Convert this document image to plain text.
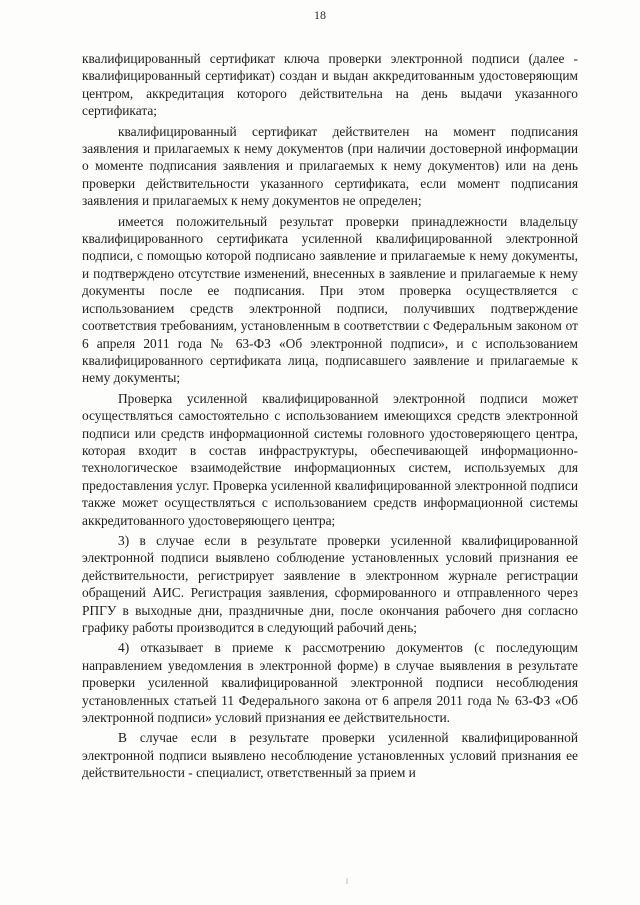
18

квалифицированный сертификат ключа проверки электронной подписи (далее - квалифицированный сертификат) создан и выдан аккредитованным удостоверяющим центром, аккредитация которого действительна на день выдачи указанного сертификата;

квалифицированный сертификат действителен на момент подписания заявления и прилагаемых к нему документов (при наличии достоверной информации о моменте подписания заявления и прилагаемых к нему документов) или на день проверки действительности указанного сертификата, если момент подписания заявления и прилагаемых к нему документов не определен;

имеется положительный результат проверки принадлежности владельцу квалифицированного сертификата усиленной квалифицированной электронной подписи, с помощью которой подписано заявление и прилагаемые к нему документы, и подтверждено отсутствие изменений, внесенных в заявление и прилагаемые к нему документы после ее подписания. При этом проверка осуществляется с использованием средств электронной подписи, получивших подтверждение соответствия требованиям, установленным в соответствии с Федеральным законом от 6 апреля 2011 года № 63-ФЗ «Об электронной подписи», и с использованием квалифицированного сертификата лица, подписавшего заявление и прилагаемые к нему документы;

Проверка усиленной квалифицированной электронной подписи может осуществляться самостоятельно с использованием имеющихся средств электронной подписи или средств информационной системы головного удостоверяющего центра, которая входит в состав инфраструктуры, обеспечивающей информационно-технологическое взаимодействие информационных систем, используемых для предоставления услуг. Проверка усиленной квалифицированной электронной подписи также может осуществляться с использованием средств информационной системы аккредитованного удостоверяющего центра;

3) в случае если в результате проверки усиленной квалифицированной электронной подписи выявлено соблюдение установленных условий признания ее действительности, регистрирует заявление в электронном журнале регистрации обращений АИС. Регистрация заявления, сформированного и отправленного через РПГУ в выходные дни, праздничные дни, после окончания рабочего дня согласно графику работы производится в следующий рабочий день;

4) отказывает в приеме к рассмотрению документов (с последующим направлением уведомления в электронной форме) в случае выявления в результате проверки усиленной квалифицированной электронной подписи несоблюдения установленных статьей 11 Федерального закона от 6 апреля 2011 года № 63-ФЗ «Об электронной подписи» условий признания ее действительности.

В случае если в результате проверки усиленной квалифицированной электронной подписи выявлено несоблюдение установленных условий признания ее действительности - специалист, ответственный за прием и
